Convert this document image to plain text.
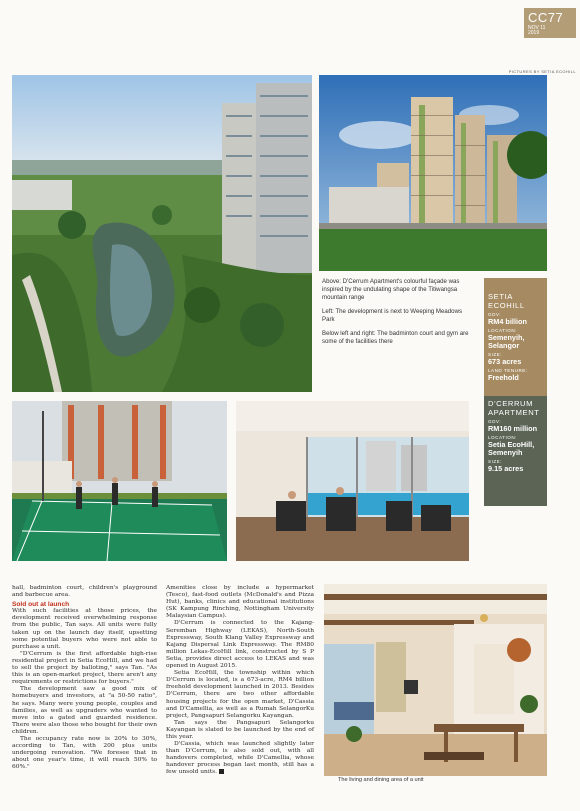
CC77
NOV 11
2019
PICTURES BY SETIA ECOHILL

Above: D'Cerrum Apartment's colourful façade was inspired by the undulating shape of the Titiwangsa mountain range

Left: The development is next to Weeping Meadows Park

Below left and right: The badminton court and gym are some of the facilities there

SETIA
ECOHILL
GDV:
RM4 billion
LOCATION:
Semenyih,
Selangor
SIZE:
673 acres
LAND TENURE:
Freehold
D'CERRUM
APARTMENT
GDV:
RM160 million
LOCATION:
Setia EcoHill,
Semenyih
SIZE:
9.15 acres

hall, badminton court, children's playground and barbecue area.

Sold out at launch

With such facilities at those prices, the development received overwhelming response from the public, Tan says. All units were fully taken up on the launch day itself, upsetting some potential buyers who were not able to purchase a unit.

"D'Cerrum is the first affordable high-rise residential project in Setia EcoHill, and we had to sell the project by balloting," says Tan. "As this is an open-market project, there aren't any requirements or restrictions for buyers."

The development saw a good mix of homebuyers and investors, at "a 50-50 ratio", he says. Many were young people, couples and families, as well as upgraders who wanted to move into a gated and guarded residence. There were also those who bought for their own children.

The occupancy rate now is 20% to 30%, according to Tan, with 200 plus units undergoing renovation. "We foresee that in about one year's time, it will reach 50% to 60%."

Amenities close by include a hypermarket (Tesco), fast-food outlets (McDonald's and Pizza Hut), banks, clinics and educational institutions (SK Kampung Rinching, Nottingham University Malaysian Campus).

D'Cerrum is connected to the Kajang-Seremban Highway (LEKAS), North-South Expressway, South Klang Valley Expressway and Kajang Dispersal Link Expressway. The RM80 million Lekas-EcoHill link, constructed by S P Setia, provides direct access to LEKAS and was opened in August 2015.

Setia EcoHill, the township within which D'Cerrum is located, is a 673-acre, RM4 billion freehold development launched in 2013. Besides D'Cerrum, there are two other affordable housing projects for the open market, D'Cassia and D'Camellia, as well as a Rumah SelangorKu project, Pangsapuri Selangorku Kayangan.

Tan says the Pangsapuri Selangorku Kayangan is slated to be launched by the end of this year.

D'Cassia, which was launched slightly later than D'Cerrum, is also sold out, with all handovers completed, while D'Camellia, whose handover process began last month, still has a few unsold units.

The living and dining area of a unit
